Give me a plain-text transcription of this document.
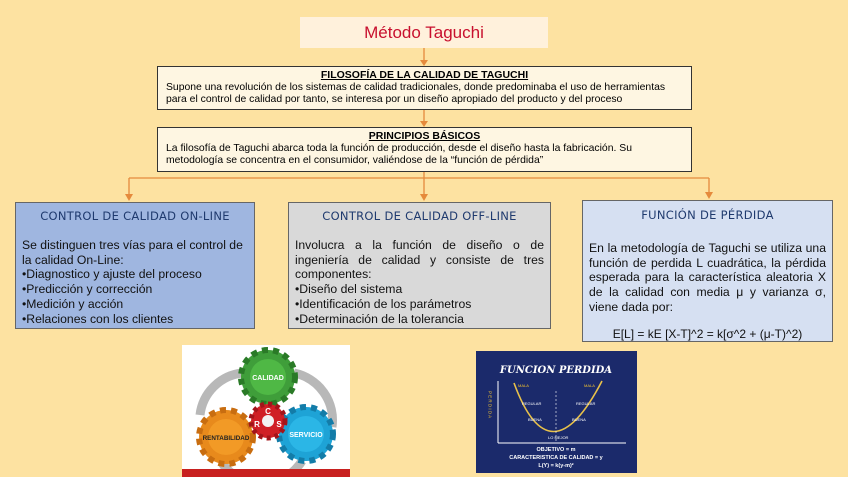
Método Taguchi
FILOSOFÍA DE LA CALIDAD DE TAGUCHI
Supone una revolución de los sistemas de calidad tradicionales, donde predominaba el uso de herramientas
para el control de calidad por tanto, se interesa por un diseño apropiado del producto y del proceso
PRINCIPIOS BÁSICOS
La filosofía de Taguchi abarca toda la función de producción, desde el diseño hasta la fabricación. Su
metodología se concentra en el consumidor, valiéndose de la “función de pérdida”
CONTROL DE CALIDAD ON-LINE
Se distinguen tres vías para el control de la calidad On-Line:
•Diagnostico y ajuste del proceso
•Predicción y corrección
•Medición y acción
•Relaciones con los clientes
CONTROL DE CALIDAD OFF-LINE
Involucra a la función de diseño o de ingeniería de calidad y consiste de tres componentes:
•Diseño del sistema
•Identificación de los parámetros
•Determinación de la tolerancia
FUNCIÓN DE PÉRDIDA
En la metodología de Taguchi se utiliza una función de perdida L cuadrática, la pérdida esperada para la característica aleatoria X de la calidad con media μ y varianza σ, viene dada por:
E[L] = kE [X-T]^2 = k[σ^2 + (μ-T)^2)
CALIDAD
RENTABILIDAD	SERVICIO
C
R S
FUNCION PERDIDA
P E R D I D A
MALA	MALA
REGULAR	REGULAR
BUENA	BUENA
LO MEJOR
OBJETIVO = m
CARACTERISTICA DE CALIDAD = y
L(Y) = k(y-m)²
